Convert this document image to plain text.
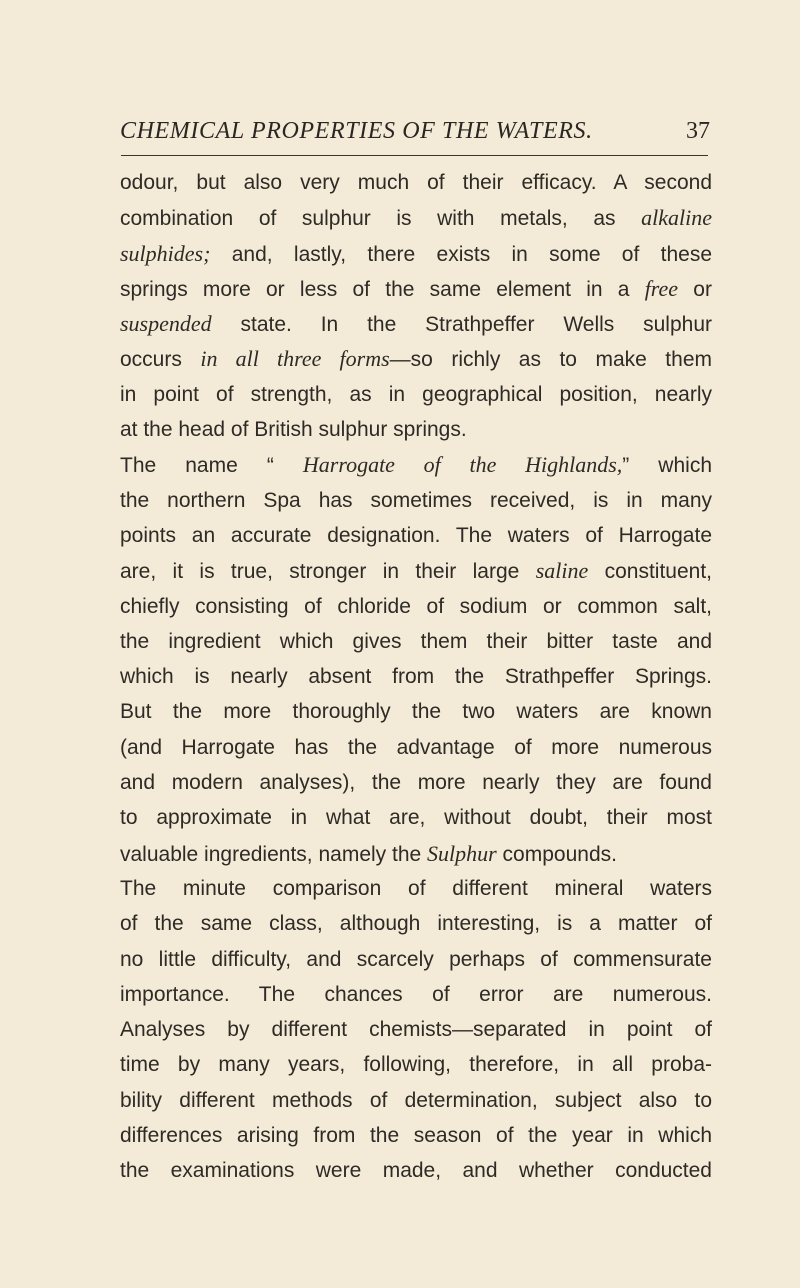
CHEMICAL PROPERTIES OF THE WATERS.	37
odour, but also very much of their efficacy. A second
combination of sulphur is with metals, as alkaline
sulphides; and, lastly, there exists in some of these
springs more or less of the same element in a free or
suspended state. In the Strathpeffer Wells sulphur
occurs in all three forms—so richly as to make them
in point of strength, as in geographical position, nearly
at the head of British sulphur springs.
The name “ Harrogate of the Highlands,” which
the northern Spa has sometimes received, is in many
points an accurate designation. The waters of Harrogate
are, it is true, stronger in their large saline constituent,
chiefly consisting of chloride of sodium or common salt,
the ingredient which gives them their bitter taste and
which is nearly absent from the Strathpeffer Springs.
But the more thoroughly the two waters are known
(and Harrogate has the advantage of more numerous
and modern analyses), the more nearly they are found
to approximate in what are, without doubt, their most
valuable ingredients, namely the Sulphur compounds.
The minute comparison of different mineral waters
of the same class, although interesting, is a matter of
no little difficulty, and scarcely perhaps of commensurate
importance. The chances of error are numerous.
Analyses by different chemists—separated in point of
time by many years, following, therefore, in all proba-
bility different methods of determination, subject also to
differences arising from the season of the year in which
the examinations were made, and whether conducted
